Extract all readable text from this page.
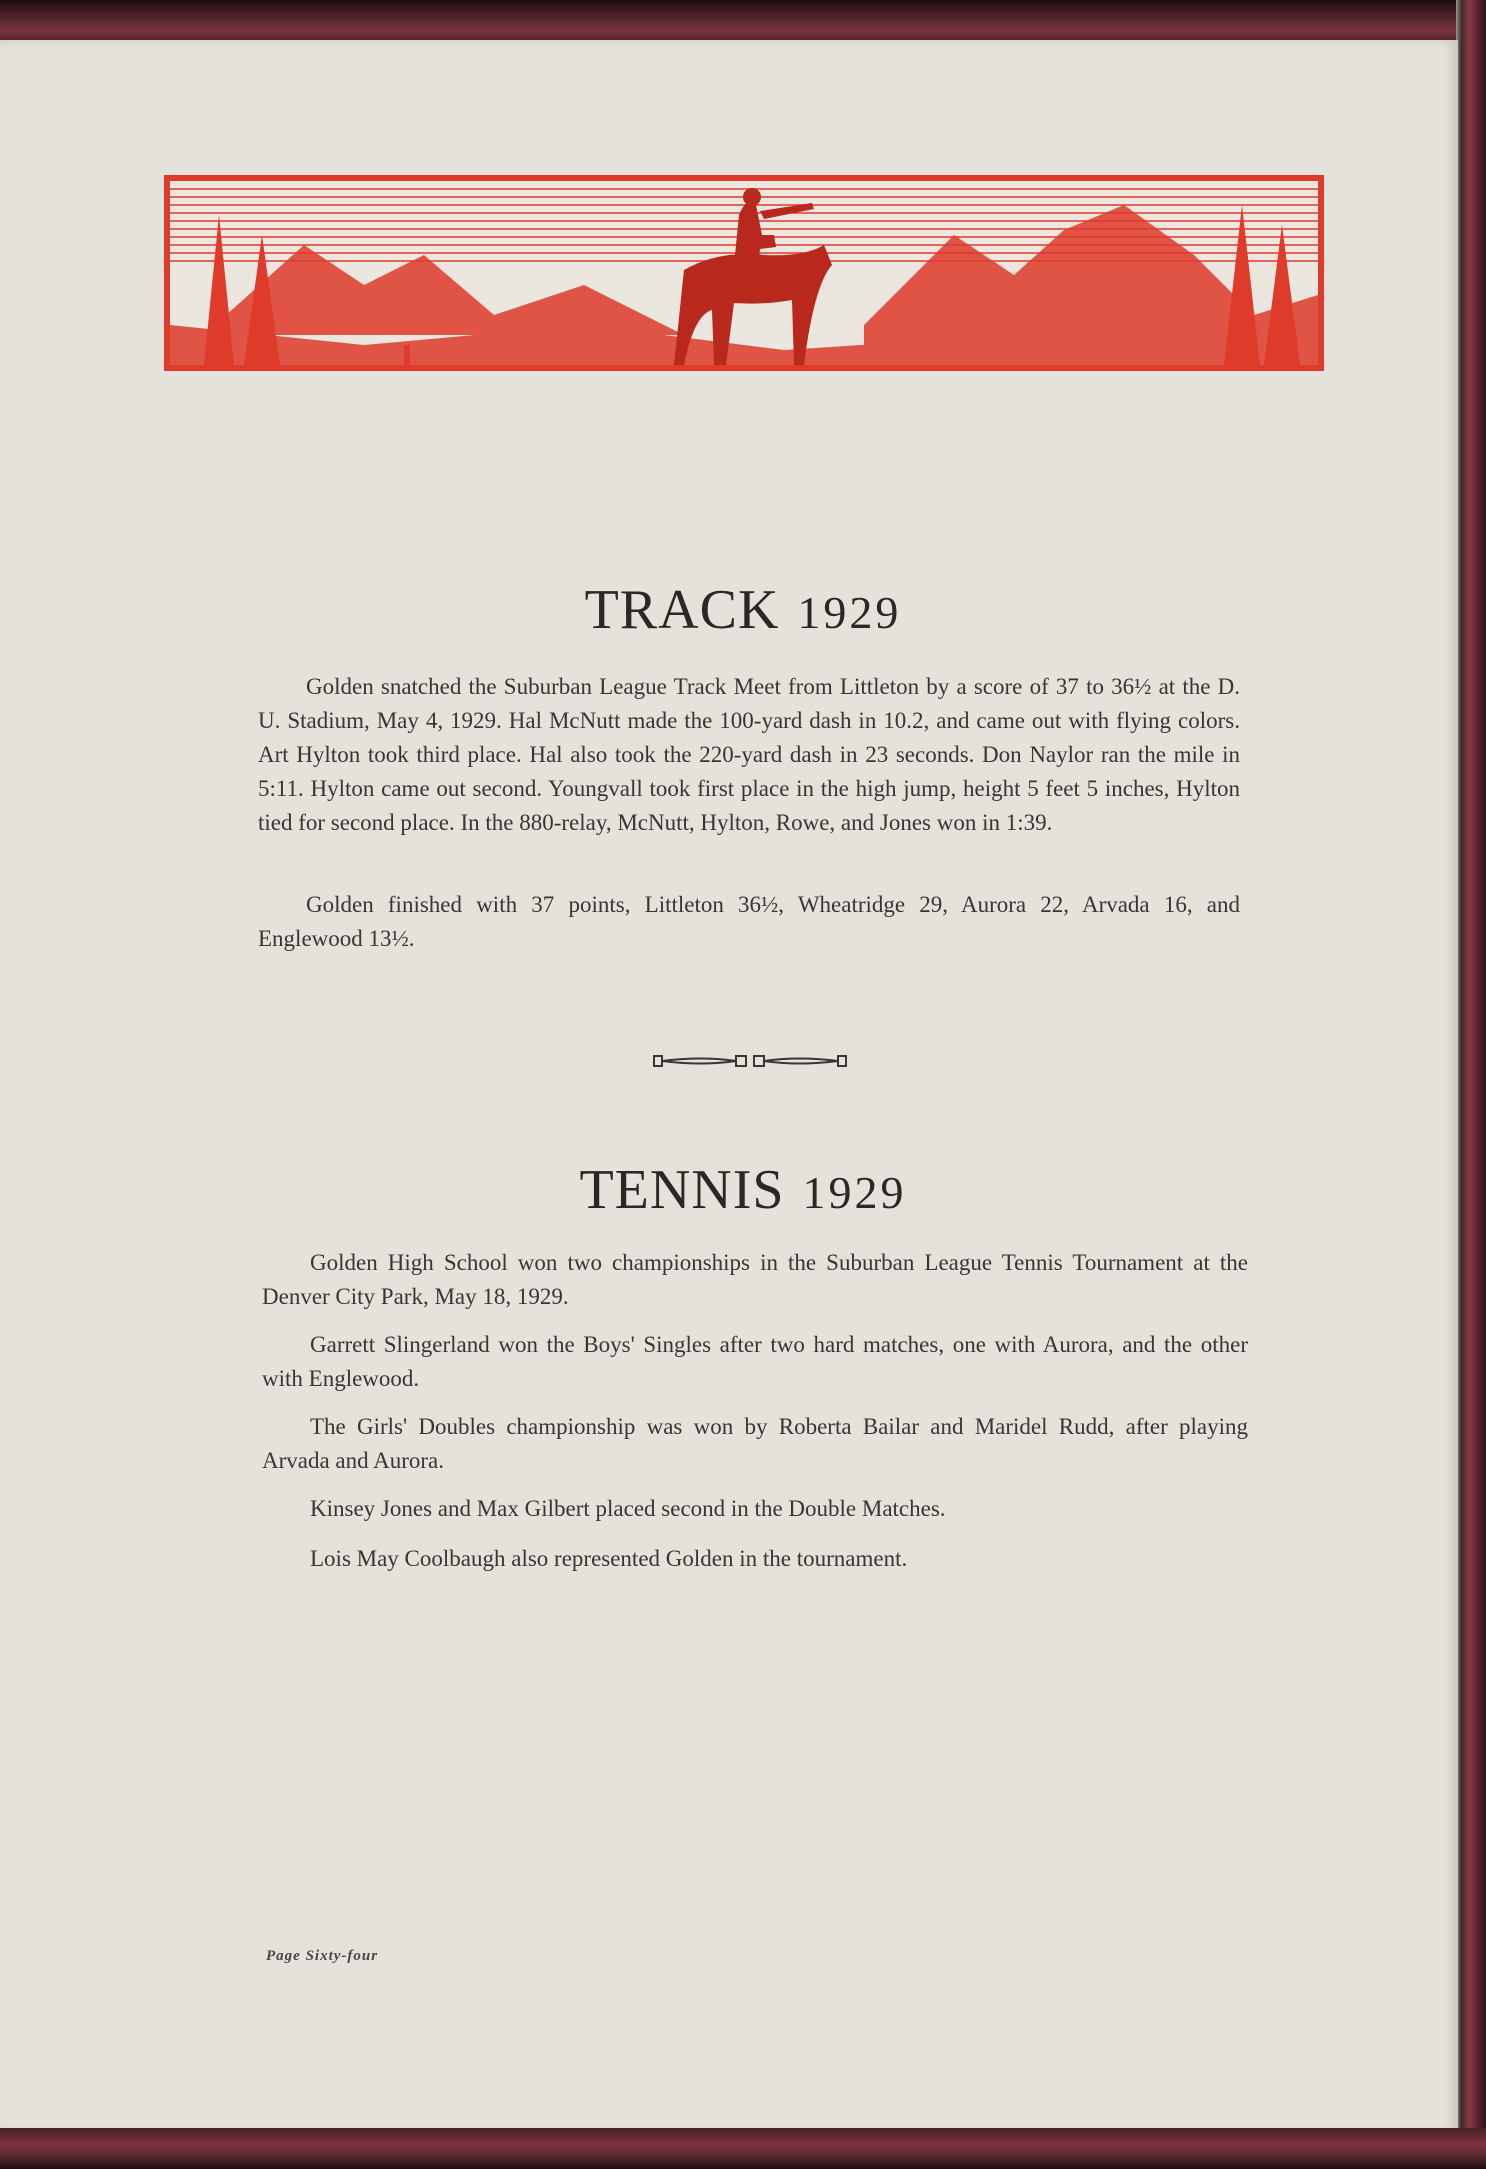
TRACK 1929

Golden snatched the Suburban League Track Meet from Littleton by a score of 37 to 36½ at the D. U. Stadium, May 4, 1929. Hal McNutt made the 100-yard dash in 10.2, and came out with flying colors. Art Hylton took third place. Hal also took the 220-yard dash in 23 seconds. Don Naylor ran the mile in 5:11. Hylton came out second. Youngvall took first place in the high jump, height 5 feet 5 inches, Hylton tied for second place. In the 880-relay, McNutt, Hylton, Rowe, and Jones won in 1:39.

Golden finished with 37 points, Littleton 36½, Wheatridge 29, Aurora 22, Arvada 16, and Englewood 13½.

TENNIS 1929

Golden High School won two championships in the Suburban League Tennis Tournament at the Denver City Park, May 18, 1929.

Garrett Slingerland won the Boys' Singles after two hard matches, one with Aurora, and the other with Englewood.

The Girls' Doubles championship was won by Roberta Bailar and Maridel Rudd, after playing Arvada and Aurora.

Kinsey Jones and Max Gilbert placed second in the Double Matches.

Lois May Coolbaugh also represented Golden in the tournament.

Page Sixty-four
